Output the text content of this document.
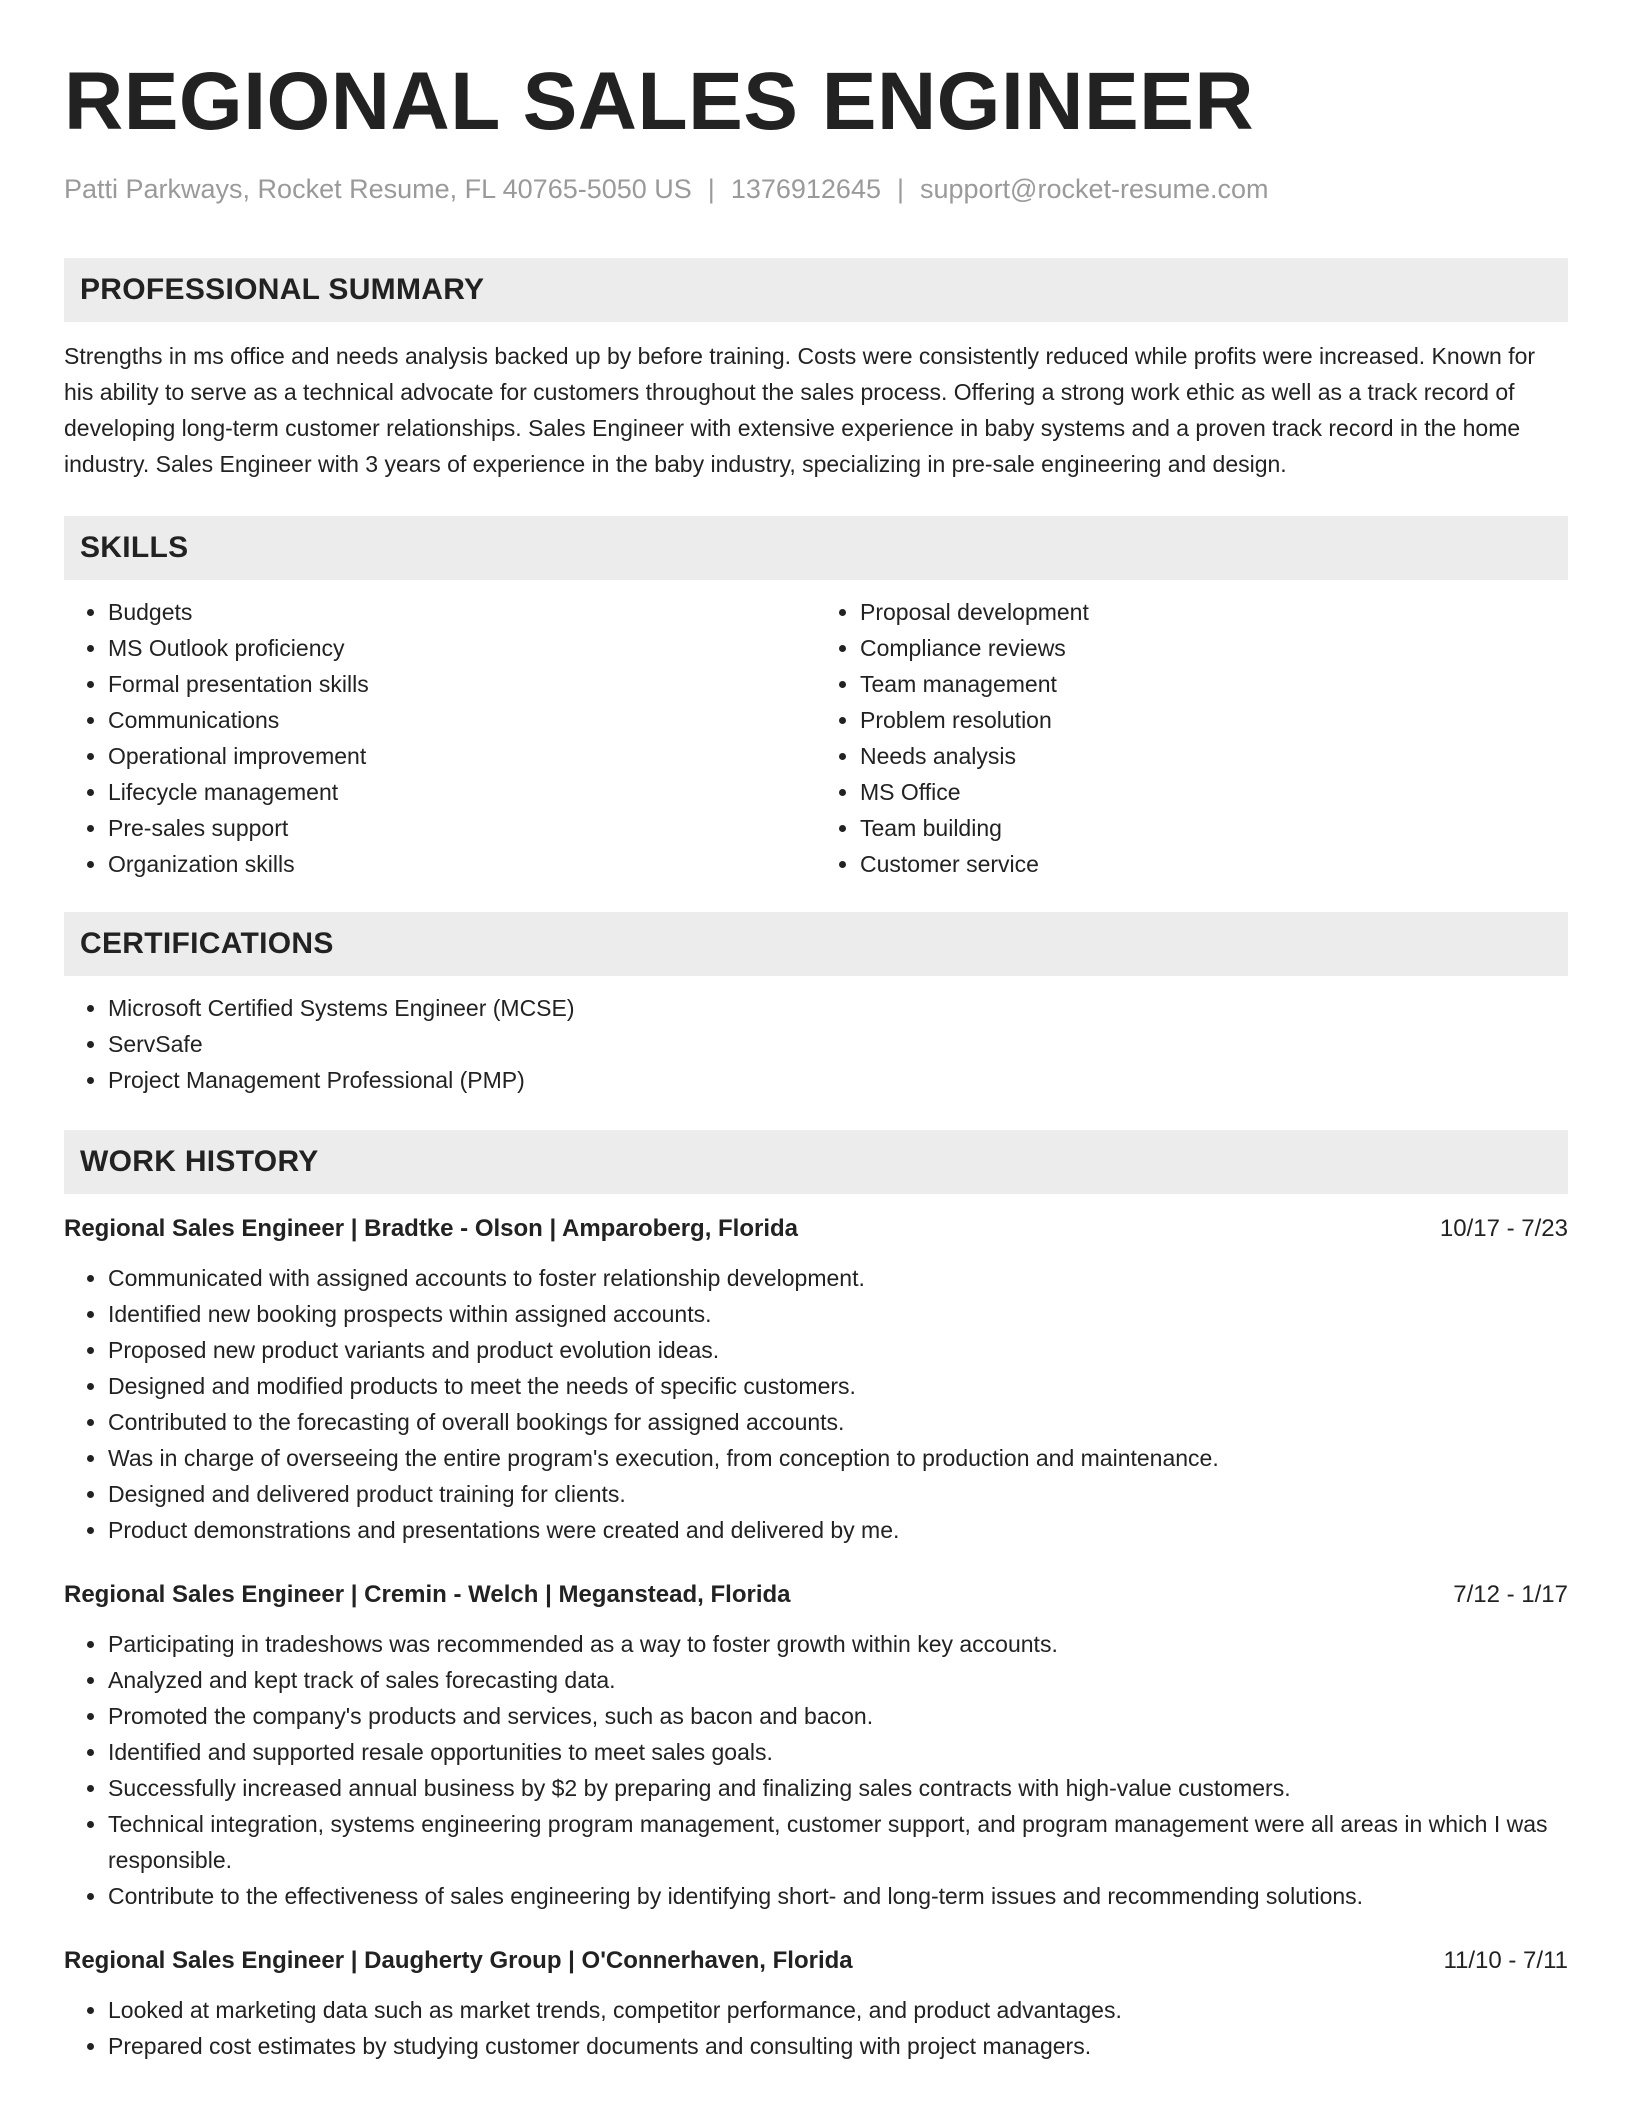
REGIONAL SALES ENGINEER
Patti Parkways, Rocket Resume, FL 40765-5050 US | 1376912645 | support@rocket-resume.com
PROFESSIONAL SUMMARY
Strengths in ms office and needs analysis backed up by before training. Costs were consistently reduced while profits were increased. Known for his ability to serve as a technical advocate for customers throughout the sales process. Offering a strong work ethic as well as a track record of developing long-term customer relationships. Sales Engineer with extensive experience in baby systems and a proven track record in the home industry. Sales Engineer with 3 years of experience in the baby industry, specializing in pre-sale engineering and design.
SKILLS
• Budgets
• MS Outlook proficiency
• Formal presentation skills
• Communications
• Operational improvement
• Lifecycle management
• Pre-sales support
• Organization skills
• Proposal development
• Compliance reviews
• Team management
• Problem resolution
• Needs analysis
• MS Office
• Team building
• Customer service
CERTIFICATIONS
• Microsoft Certified Systems Engineer (MCSE)
• ServSafe
• Project Management Professional (PMP)
WORK HISTORY
Regional Sales Engineer | Bradtke - Olson | Amparoberg, Florida	10/17 - 7/23
• Communicated with assigned accounts to foster relationship development.
• Identified new booking prospects within assigned accounts.
• Proposed new product variants and product evolution ideas.
• Designed and modified products to meet the needs of specific customers.
• Contributed to the forecasting of overall bookings for assigned accounts.
• Was in charge of overseeing the entire program's execution, from conception to production and maintenance.
• Designed and delivered product training for clients.
• Product demonstrations and presentations were created and delivered by me.
Regional Sales Engineer | Cremin - Welch | Meganstead, Florida	7/12 - 1/17
• Participating in tradeshows was recommended as a way to foster growth within key accounts.
• Analyzed and kept track of sales forecasting data.
• Promoted the company's products and services, such as bacon and bacon.
• Identified and supported resale opportunities to meet sales goals.
• Successfully increased annual business by $2 by preparing and finalizing sales contracts with high-value customers.
• Technical integration, systems engineering program management, customer support, and program management were all areas in which I was responsible.
• Contribute to the effectiveness of sales engineering by identifying short- and long-term issues and recommending solutions.
Regional Sales Engineer | Daugherty Group | O'Connerhaven, Florida	11/10 - 7/11
• Looked at marketing data such as market trends, competitor performance, and product advantages.
• Prepared cost estimates by studying customer documents and consulting with project managers.
